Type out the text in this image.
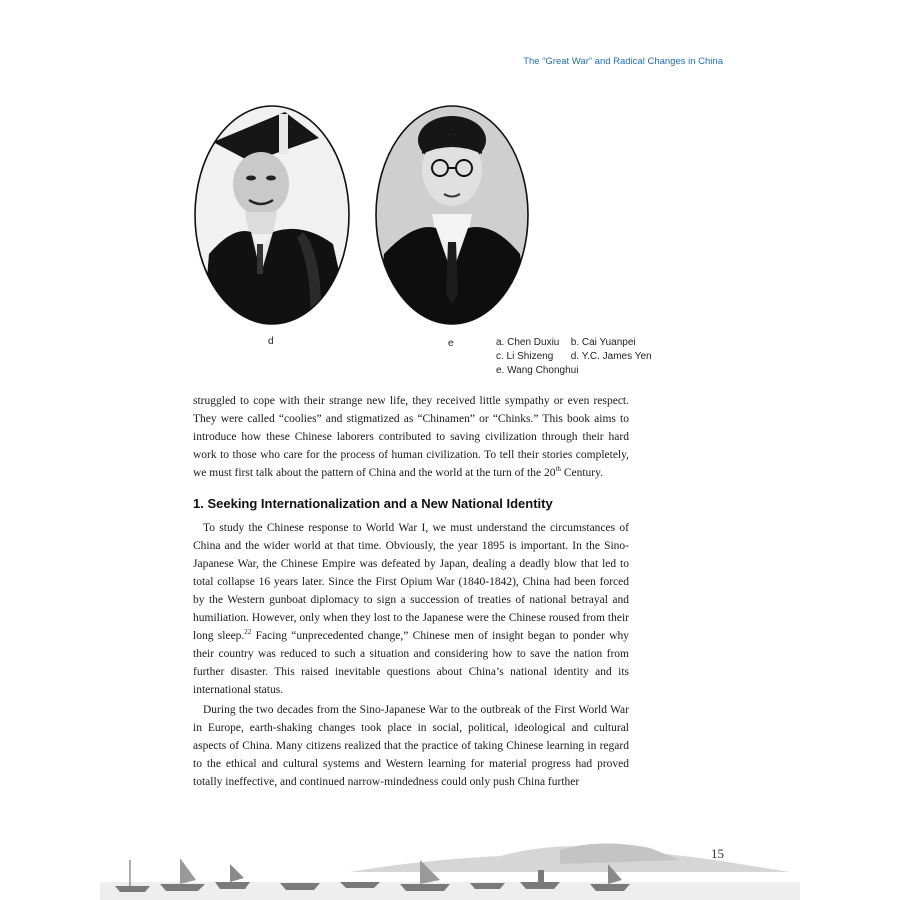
The “Great War” and Radical Changes in China
d	e	a. Chen Duxiu b. Cai Yuanpei
c. Li Shizeng d. Y.C. James Yen
e. Wang Chonghui

struggled to cope with their strange new life, they received little sympathy or even respect. They were called “coolies” and stigmatized as “Chinamen” or “Chinks.” This book aims to introduce how these Chinese laborers contributed to saving civilization through their hard work to those who care for the process of human civilization. To tell their stories completely, we must first talk about the pattern of China and the world at the turn of the 20th Century.

1. Seeking Internationalization and a New National Identity

To study the Chinese response to World War I, we must understand the circumstances of China and the wider world at that time. Obviously, the year 1895 is important. In the Sino-Japanese War, the Chinese Empire was defeated by Japan, dealing a deadly blow that led to total collapse 16 years later. Since the First Opium War (1840-1842), China had been forced by the Western gunboat diplomacy to sign a succession of treaties of national betrayal and humiliation. However, only when they lost to the Japanese were the Chinese roused from their long sleep.$^{22}$ Facing “unprecedented change,” Chinese men of insight began to ponder why their country was reduced to such a situation and considering how to save the nation from further disaster. This raised inevitable questions about China’s national identity and its international status.

During the two decades from the Sino-Japanese War to the outbreak of the First World War in Europe, earth-shaking changes took place in social, political, ideological and cultural aspects of China. Many citizens realized that the practice of taking Chinese learning in regard to the ethical and cultural systems and Western learning for material progress had proved totally ineffective, and continued narrow-mindedness could only push China further

15
